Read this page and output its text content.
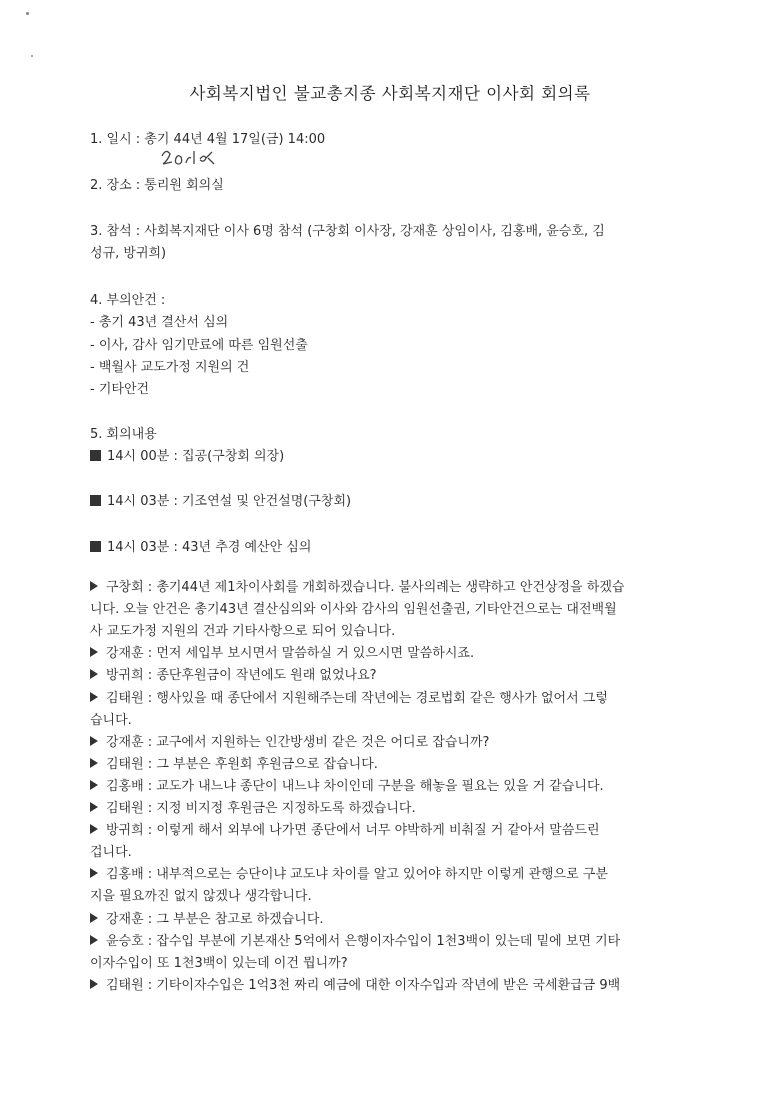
사회복지법인 불교총지종 사회복지재단 이사회 회의록
1. 일시 : 총기 44년 4월 17일(금) 14:00
2. 장소 : 통리원 회의실
3. 참석 : 사회복지재단 이사 6명 참석 (구창회 이사장, 강재훈 상임이사, 김홍배, 윤승호, 김
성규, 방귀희)
4. 부의안건 :
- 총기 43년 결산서 심의
- 이사, 감사 임기만료에 따른 임원선출
- 백월사 교도가정 지원의 건
- 기타안건
5. 회의내용
14시 00분 : 집공(구창회 의장)
14시 03분 : 기조연설 및 안건설명(구창회)
14시 03분 : 43년 추경 예산안 심의
구창회 : 총기44년 제1차이사회를 개회하겠습니다. 불사의례는 생략하고 안건상정을 하겠습
니다. 오늘 안건은 총기43년 결산심의와 이사와 감사의 임원선출권, 기타안건으로는 대전백월
사 교도가정 지원의 건과 기타사항으로 되어 있습니다.
강재훈 : 먼저 세입부 보시면서 말씀하실 거 있으시면 말씀하시죠.
방귀희 : 종단후원금이 작년에도 원래 없었나요?
김태원 : 행사있을 때 종단에서 지원해주는데 작년에는 경로법회 같은 행사가 없어서 그렇
습니다.
강재훈 : 교구에서 지원하는 인간방생비 같은 것은 어디로 잡습니까?
김태원 : 그 부분은 후원회 후원금으로 잡습니다.
김홍배 : 교도가 내느냐 종단이 내느냐 차이인데 구분을 해놓을 필요는 있을 거 같습니다.
김태원 : 지정 비지정 후원금은 지정하도록 하겠습니다.
방귀희 : 이렇게 해서 외부에 나가면 종단에서 너무 야박하게 비춰질 거 같아서 말씀드린
겁니다.
김홍배 : 내부적으로는 승단이냐 교도냐 차이를 알고 있어야 하지만 이렇게 관행으로 구분
지을 필요까진 없지 않겠나 생각합니다.
강재훈 : 그 부분은 참고로 하겠습니다.
윤승호 : 잡수입 부분에 기본재산 5억에서 은행이자수입이 1천3백이 있는데 밑에 보면 기타
이자수입이 또 1천3백이 있는데 이건 뭡니까?
김태원 : 기타이자수입은 1억3천 짜리 예금에 대한 이자수입과 작년에 받은 국세환급금 9백
